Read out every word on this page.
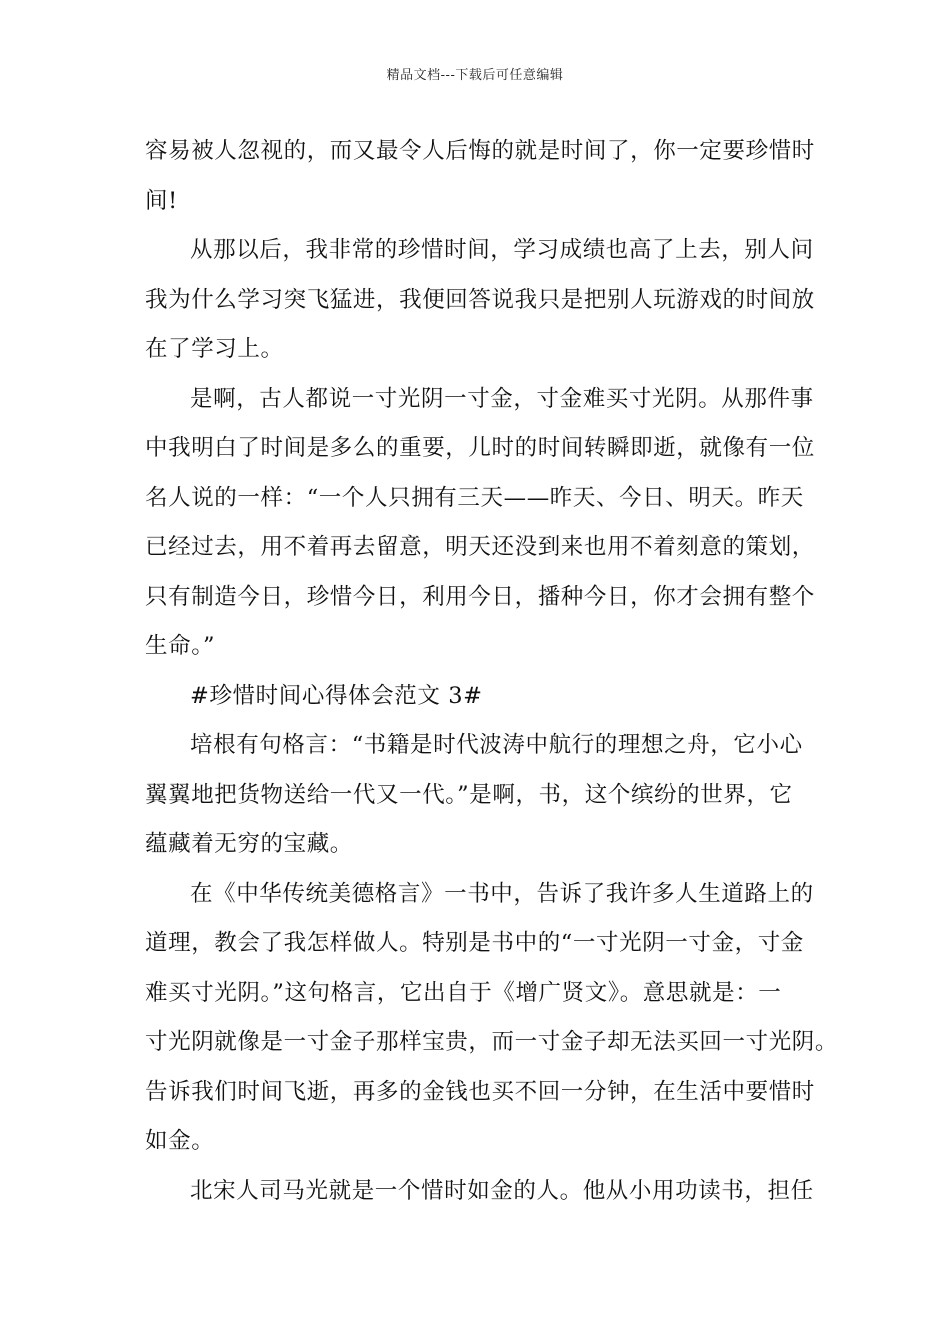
精品文档---下载后可任意编辑
容易被人忽视的，而又最令人后悔的就是时间了，你一定要珍惜时
间!
从那以后，我非常的珍惜时间，学习成绩也高了上去，别人问
我为什么学习突飞猛进，我便回答说我只是把别人玩游戏的时间放
在了学习上。
是啊，古人都说一寸光阴一寸金，寸金难买寸光阴。从那件事
中我明白了时间是多么的重要，儿时的时间转瞬即逝，就像有一位
名人说的一样：“一个人只拥有三天——昨天、今日、明天。昨天
已经过去，用不着再去留意，明天还没到来也用不着刻意的策划，
只有制造今日，珍惜今日，利用今日，播种今日，你才会拥有整个
生命。”
#珍惜时间心得体会范文 3#
培根有句格言：“书籍是时代波涛中航行的理想之舟，它小心
翼翼地把货物送给一代又一代。”是啊，书，这个缤纷的世界，它
蕴藏着无穷的宝藏。
在《中华传统美德格言》一书中，告诉了我许多人生道路上的
道理，教会了我怎样做人。特别是书中的“一寸光阴一寸金，寸金
难买寸光阴。”这句格言，它出自于《增广贤文》。意思就是：一
寸光阴就像是一寸金子那样宝贵，而一寸金子却无法买回一寸光阴。
告诉我们时间飞逝，再多的金钱也买不回一分钟，在生活中要惜时
如金。
北宋人司马光就是一个惜时如金的人。他从小用功读书，担任
